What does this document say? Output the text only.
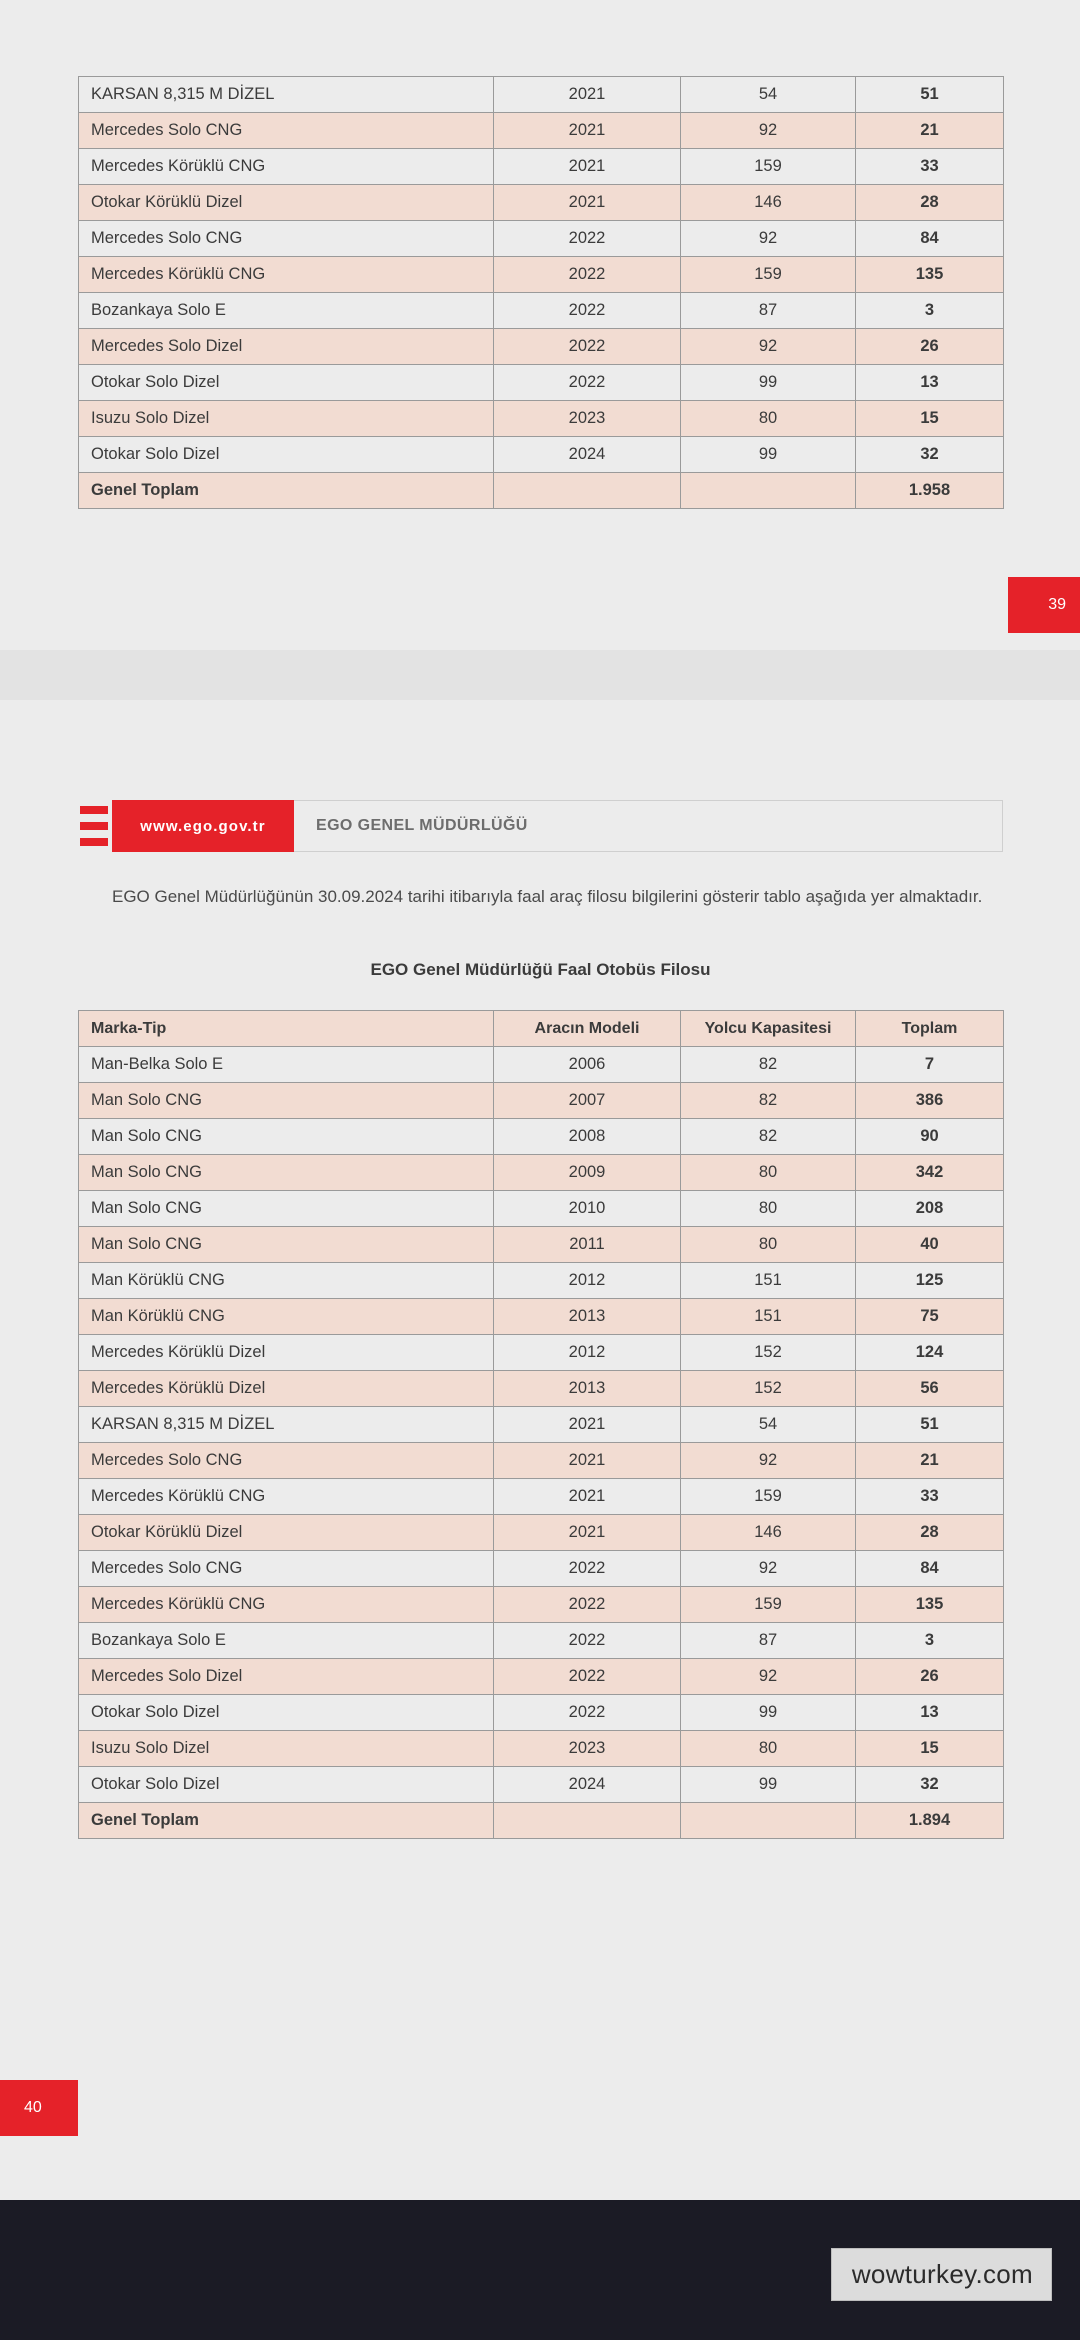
KARSAN 8,315 M DİZEL	2021	54	51
Mercedes Solo CNG	2021	92	21
Mercedes Körüklü CNG	2021	159	33
Otokar Körüklü Dizel	2021	146	28
Mercedes Solo CNG	2022	92	84
Mercedes Körüklü CNG	2022	159	135
Bozankaya Solo E	2022	87	3
Mercedes Solo Dizel	2022	92	26
Otokar Solo Dizel	2022	99	13
Isuzu Solo Dizel	2023	80	15
Otokar Solo Dizel	2024	99	32
Genel Toplam			1.958
39
www.ego.gov.tr	EGO GENEL MÜDÜRLÜĞÜ

EGO Genel Müdürlüğünün 30.09.2024 tarihi itibarıyla faal araç filosu bilgilerini gösterir tablo aşağıda yer almaktadır.

EGO Genel Müdürlüğü Faal Otobüs Filosu
Marka-Tip	Aracın Modeli	Yolcu Kapasitesi	Toplam
Man-Belka Solo E	2006	82	7
Man Solo CNG	2007	82	386
Man Solo CNG	2008	82	90
Man Solo CNG	2009	80	342
Man Solo CNG	2010	80	208
Man Solo CNG	2011	80	40
Man Körüklü CNG	2012	151	125
Man Körüklü CNG	2013	151	75
Mercedes Körüklü Dizel	2012	152	124
Mercedes Körüklü Dizel	2013	152	56
KARSAN 8,315 M DİZEL	2021	54	51
Mercedes Solo CNG	2021	92	21
Mercedes Körüklü CNG	2021	159	33
Otokar Körüklü Dizel	2021	146	28
Mercedes Solo CNG	2022	92	84
Mercedes Körüklü CNG	2022	159	135
Bozankaya Solo E	2022	87	3
Mercedes Solo Dizel	2022	92	26
Otokar Solo Dizel	2022	99	13
Isuzu Solo Dizel	2023	80	15
Otokar Solo Dizel	2024	99	32
Genel Toplam			1.894
40
wowturkey.com
